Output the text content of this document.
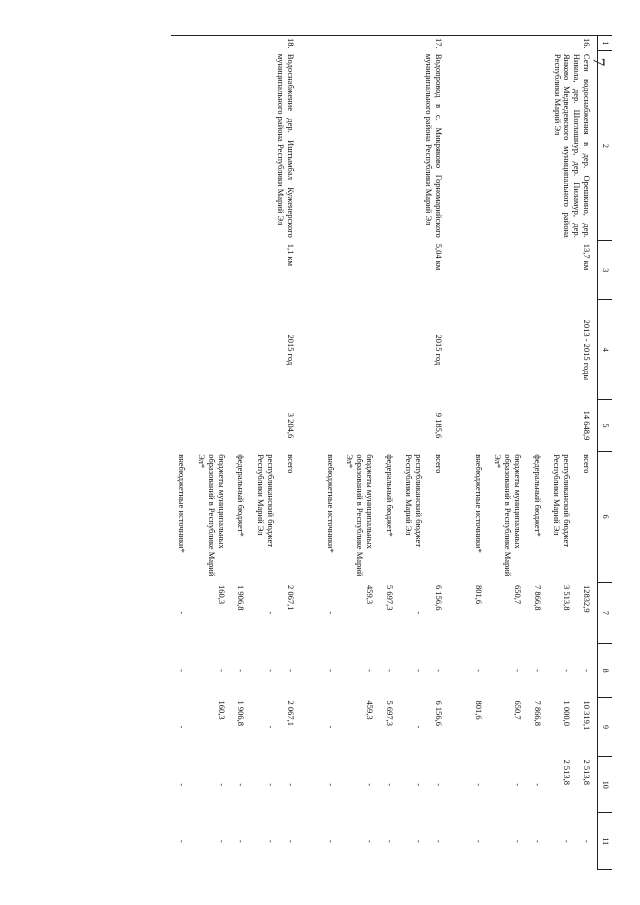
7
1	2	3	4	5	6	7	8	9	10	11
16.	Сети водоснабжения в дер. Орешкино, дер. Никола, дер. Шоглашнур, дер. Пиламур, дер. Янково Медведевского муниципального района Республики Марий Эл	13,7 км	2013 - 2015 годы	14 648,9	всего	12832,9	-	10 319,1	2 513,8	-
					республиканский бюджет Республики Марий Эл	3 513,8	-	1 000,0	2 513,8	-
					федеральный бюджет*	7 866,8	-	7 866,8	-	-
					бюджеты муниципальных образований в Республике Марий Эл*	650,7	-	650,7	-	-
					внебюджетные источники*	801,6	-	801,6	-	-

17.	Водопровод в с. Микряково Горномарийского муниципального района Республики Марий Эл	5,04 км	2015 год	9 185,6	всего	6 156,6	-	6 156,6	-	-
					республиканский бюджет Республики Марий Эл	-	-	-	-	-
					федеральный бюджет*	5 697,3	-	5 697,3	-	-
					бюджеты муниципальных образований в Республике Марий Эл*	459,3	-	459,3	-	-
					внебюджетные источники*	-	-	-	-	-

18.	Водоснабжение дер. Иштымбал Куженерского муниципального района Республики Марий Эл	1,1 км	2015 год	3 204,6	всего	2 067,1	-	2 067,1	-	-
					республиканский бюджет Республики Марий Эл	-	-	-	-	-
					федеральный бюджет*	1 906,8	-	1 906,8	-	-
					бюджеты муниципальных образований в Республике Марий Эл*	160,3	-	160,3	-	-
					внебюджетные источники*	-	-	-	-	-
